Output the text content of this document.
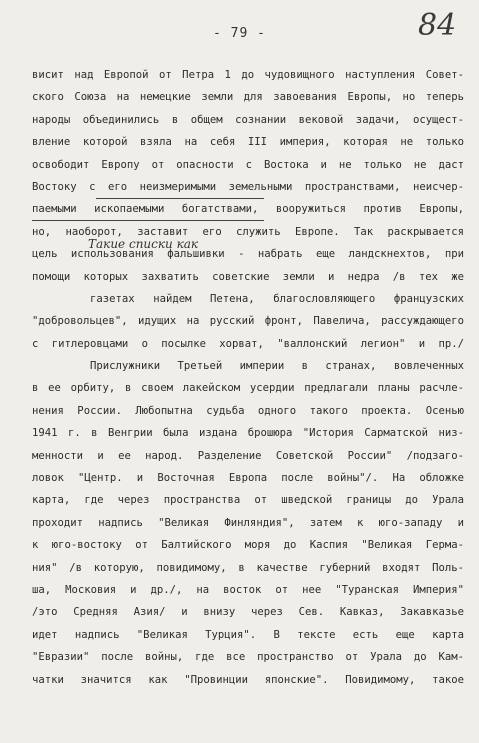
- 79 -	84
висит над Европой от Петра 1 до чудовищного наступления Совет-
ского Союза на немецкие земли для завоевания Европы, но теперь
народы объединились в общем сознании вековой задачи, осущест-
вление которой взяла на себя III империя, которая не только
освободит Европу от опасности с Востока и не только не даст
Востоку с его неизмеримыми земельными пространствами, неисчер-
паемыми ископаемыми богатствами, вооружиться против Европы,
но, наоборот, заставит его служить Европе. Так раскрывается
цель использования фальшивки - набрать еще ландскнехтов, при
помощи которых захватить советские земли и недра /в тех же
газетах найдем Петена, благословляющего французских
"добровольцев", идущих на русский фронт, Павелича, рассуждающего
с гитлеровцами о посылке хорват, "валлонский легион" и пр./
Прислужники Третьей империи в странах, вовлеченных
в ее орбиту, в своем лакейском усердии предлагали планы расчле-
нения России. Любопытна судьба одного такого проекта. Осенью
1941 г. в Венгрии была издана брошюра "История Сарматской низ-
менности и ее народ. Разделение Советской России" /подзаго-
ловок "Центр. и Восточная Европа после войны"/. На обложке
карта, где через пространства от шведской границы до Урала
проходит надпись "Великая Финляндия", затем к юго-западу и
к юго-востоку от Балтийского моря до Каспия "Великая Герма-
ния" /в которую, повидимому, в качестве губерний входят Поль-
ша, Московия и др./, на восток от нее "Туранская Империя"
/это Средняя Азия/ и внизу через Сев. Кавказ, Закавказье
идет надпись "Великая Турция". В тексте есть еще карта
"Евразии" после войны, где все пространство от Урала до Кам-
чатки значится как "Провинции японские". Повидимому, такое
Такие списки как
